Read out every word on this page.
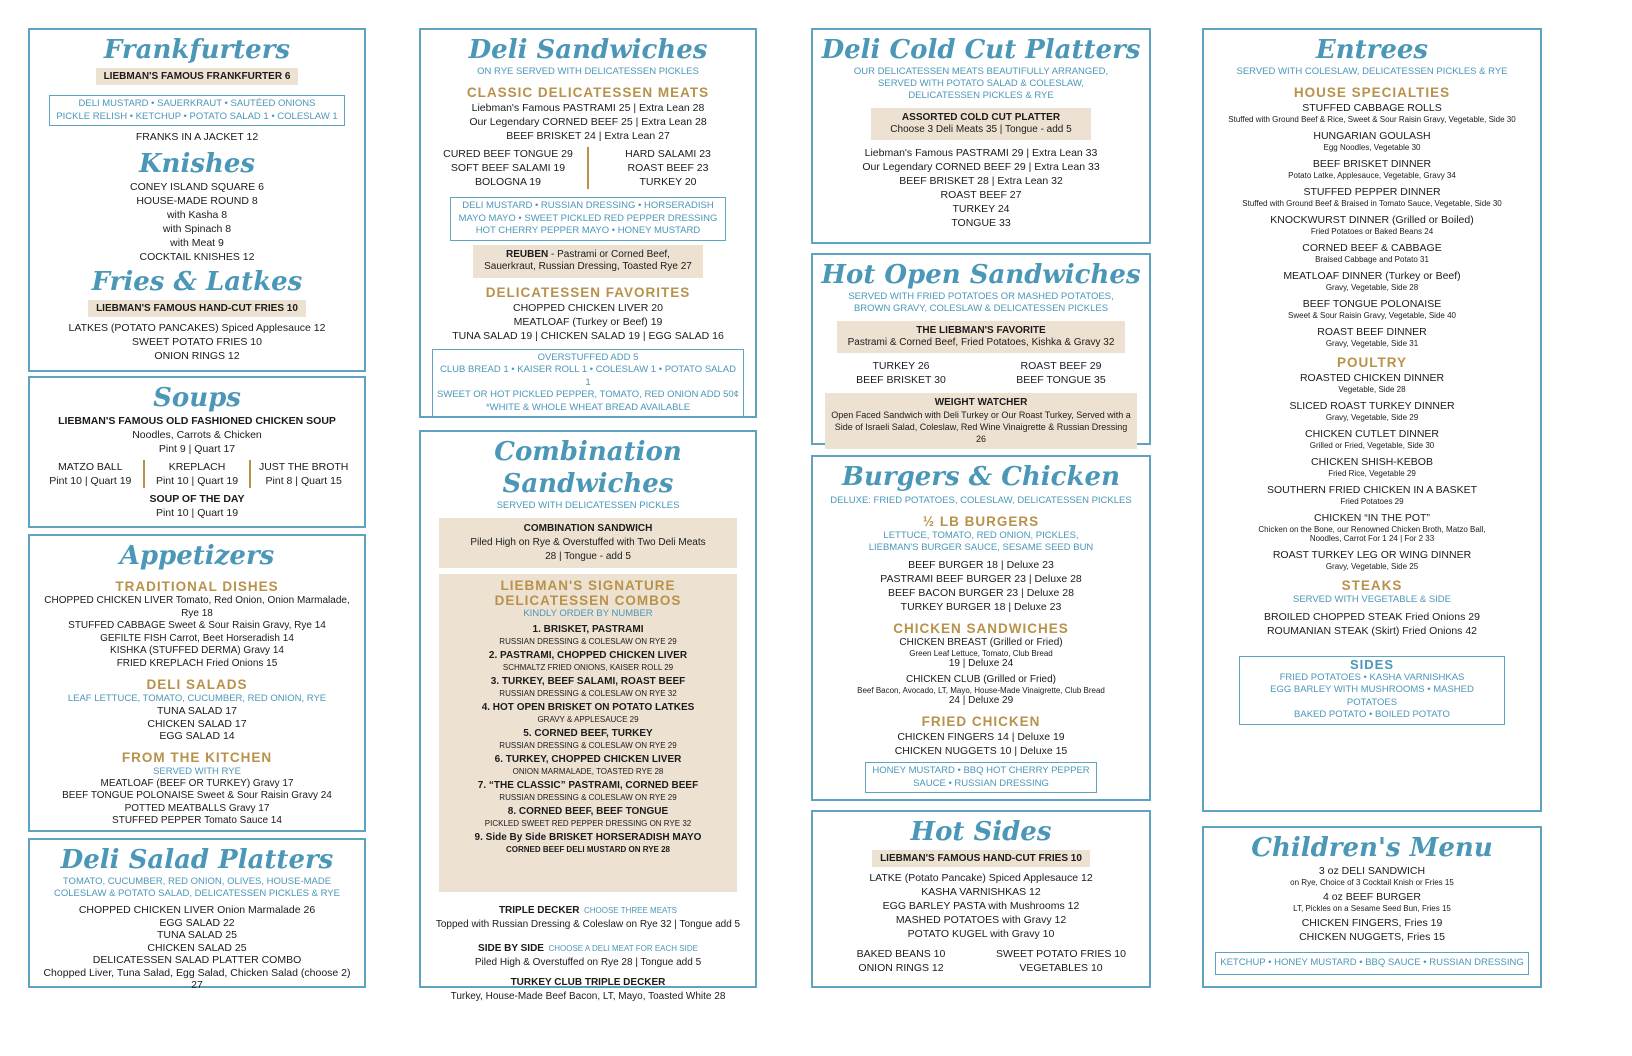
Frankfurters
LIEBMAN'S FAMOUS FRANKFURTER 6
DELI MUSTARD • SAUERKRAUT • SAUTÉED ONIONS
PICKLE RELISH • KETCHUP • POTATO SALAD 1 • COLESLAW 1
FRANKS IN A JACKET 12
Knishes
CONEY ISLAND SQUARE 6
HOUSE-MADE ROUND 8
with Kasha 8
with Spinach 8
with Meat 9
COCKTAIL KNISHES 12
Fries & Latkes
LIEBMAN'S FAMOUS HAND-CUT FRIES 10
LATKES (POTATO PANCAKES) Spiced Applesauce 12
SWEET POTATO FRIES 10
ONION RINGS 12
Soups
LIEBMAN'S FAMOUS OLD FASHIONED CHICKEN SOUP
Noodles, Carrots & Chicken
Pint 9 | Quart 17
MATZO BALL
Pint 10 | Quart 19
KREPLACH
Pint 10 | Quart 19
JUST THE BROTH
Pint 8 | Quart 15
SOUP OF THE DAY
Pint 10 | Quart 19
Appetizers
TRADITIONAL DISHES
CHOPPED CHICKEN LIVER Tomato, Red Onion, Onion Marmalade, Rye 18
STUFFED CABBAGE Sweet & Sour Raisin Gravy, Rye 14
GEFILTE FISH Carrot, Beet Horseradish 14
KISHKA (STUFFED DERMA) Gravy 14
FRIED KREPLACH Fried Onions 15
DELI SALADS
LEAF LETTUCE, TOMATO, CUCUMBER, RED ONION, RYE
TUNA SALAD 17
CHICKEN SALAD 17
EGG SALAD 14
FROM THE KITCHEN
SERVED WITH RYE
MEATLOAF (BEEF OR TURKEY) Gravy 17
BEEF TONGUE POLONAISE Sweet & Sour Raisin Gravy 24
POTTED MEATBALLS Gravy 17
STUFFED PEPPER Tomato Sauce 14
Deli Salad Platters
TOMATO, CUCUMBER, RED ONION, OLIVES, HOUSE-MADE COLESLAW & POTATO SALAD, DELICATESSEN PICKLES & RYE
CHOPPED CHICKEN LIVER Onion Marmalade 26
EGG SALAD 22
TUNA SALAD 25
CHICKEN SALAD 25
DELICATESSEN SALAD PLATTER COMBO
Chopped Liver, Tuna Salad, Egg Salad, Chicken Salad (choose 2) 27
Deli Sandwiches
ON RYE SERVED WITH DELICATESSEN PICKLES
CLASSIC DELICATESSEN MEATS
Liebman's Famous PASTRAMI 25 | Extra Lean 28
Our Legendary CORNED BEEF 25 | Extra Lean 28
BEEF BRISKET 24 | Extra Lean 27
CURED BEEF TONGUE 29
SOFT BEEF SALAMI 19
BOLOGNA 19
HARD SALAMI 23
ROAST BEEF 23
TURKEY 20
DELI MUSTARD • RUSSIAN DRESSING • HORSERADISH MAYO MAYO • SWEET PICKLED RED PEPPER DRESSING HOT CHERRY PEPPER MAYO • HONEY MUSTARD
REUBEN - Pastrami or Corned Beef, Sauerkraut, Russian Dressing, Toasted Rye 27
DELICATESSEN FAVORITES
CHOPPED CHICKEN LIVER 20
MEATLOAF (Turkey or Beef) 19
TUNA SALAD 19 | CHICKEN SALAD 19 | EGG SALAD 16
OVERSTUFFED ADD 5
CLUB BREAD 1 • KAISER ROLL 1 • COLESLAW 1 • POTATO SALAD 1
SWEET OR HOT PICKLED PEPPER, TOMATO, RED ONION ADD 50¢
*WHITE & WHOLE WHEAT BREAD AVAILABLE
Combination Sandwiches
SERVED WITH DELICATESSEN PICKLES
COMBINATION SANDWICH
Piled High on Rye & Overstuffed with Two Deli Meats
28 | Tongue - add 5
LIEBMAN'S SIGNATURE DELICATESSEN COMBOS
KINDLY ORDER BY NUMBER
1. BRISKET, PASTRAMI
RUSSIAN DRESSING & COLESLAW ON RYE 29
2. PASTRAMI, CHOPPED CHICKEN LIVER
SCHMALTZ FRIED ONIONS, KAISER ROLL 29
3. TURKEY, BEEF SALAMI, ROAST BEEF
RUSSIAN DRESSING & COLESLAW ON RYE 32
4. HOT OPEN BRISKET ON POTATO LATKES
GRAVY & APPLESAUCE 29
5. CORNED BEEF, TURKEY
RUSSIAN DRESSING & COLESLAW ON RYE 29
6. TURKEY, CHOPPED CHICKEN LIVER
ONION MARMALADE, TOASTED RYE 28
7. “THE CLASSIC” PASTRAMI, CORNED BEEF
RUSSIAN DRESSING & COLESLAW ON RYE 29
8. CORNED BEEF, BEEF TONGUE
PICKLED SWEET RED PEPPER DRESSING ON RYE 32
9. Side By Side BRISKET HORSERADISH MAYO
CORNED BEEF DELI MUSTARD ON RYE 28
TRIPLE DECKER CHOOSE THREE MEATS
Topped with Russian Dressing & Coleslaw on Rye 32 | Tongue add 5
SIDE BY SIDE CHOOSE A DELI MEAT FOR EACH SIDE
Piled High & Overstuffed on Rye 28 | Tongue add 5
TURKEY CLUB TRIPLE DECKER
Turkey, House-Made Beef Bacon, LT, Mayo, Toasted White 28
Deli Cold Cut Platters
OUR DELICATESSEN MEATS BEAUTIFULLY ARRANGED, SERVED WITH POTATO SALAD & COLESLAW, DELICATESSEN PICKLES & RYE
ASSORTED COLD CUT PLATTER
Choose 3 Deli Meats 35 | Tongue - add 5
Liebman's Famous PASTRAMI 29 | Extra Lean 33
Our Legendary CORNED BEEF 29 | Extra Lean 33
BEEF BRISKET 28 | Extra Lean 32
ROAST BEEF 27
TURKEY 24
TONGUE 33
Hot Open Sandwiches
SERVED WITH FRIED POTATOES OR MASHED POTATOES, BROWN GRAVY, COLESLAW & DELICATESSEN PICKLES
THE LIEBMAN'S FAVORITE
Pastrami & Corned Beef, Fried Potatoes, Kishka & Gravy 32
TURKEY 26
BEEF BRISKET 30
ROAST BEEF 29
BEEF TONGUE 35
WEIGHT WATCHER
Open Faced Sandwich with Deli Turkey or Our Roast Turkey, Served with a Side of Israeli Salad, Coleslaw, Red Wine Vinaigrette & Russian Dressing 26
Burgers & Chicken
DELUXE: FRIED POTATOES, COLESLAW, DELICATESSEN PICKLES
½ LB BURGERS
LETTUCE, TOMATO, RED ONION, PICKLES, LIEBMAN'S BURGER SAUCE, SESAME SEED BUN
BEEF BURGER 18 | Deluxe 23
PASTRAMI BEEF BURGER 23 | Deluxe 28
BEEF BACON BURGER 23 | Deluxe 28
TURKEY BURGER 18 | Deluxe 23
CHICKEN SANDWICHES
CHICKEN BREAST (Grilled or Fried)
Green Leaf Lettuce, Tomato, Club Bread
19 | Deluxe 24
CHICKEN CLUB (Grilled or Fried)
Beef Bacon, Avocado, LT, Mayo, House-Made Vinaigrette, Club Bread
24 | Deluxe 29
FRIED CHICKEN
CHICKEN FINGERS 14 | Deluxe 19
CHICKEN NUGGETS 10 | Deluxe 15
HONEY MUSTARD • BBQ HOT CHERRY PEPPER SAUCE • RUSSIAN DRESSING
Hot Sides
LIEBMAN'S FAMOUS HAND-CUT FRIES 10
LATKE (Potato Pancake) Spiced Applesauce 12
KASHA VARNISHKAS 12
EGG BARLEY PASTA with Mushrooms 12
MASHED POTATOES with Gravy 12
POTATO KUGEL with Gravy 10
BAKED BEANS 10
ONION RINGS 12
SWEET POTATO FRIES 10
VEGETABLES 10
Entrees
SERVED WITH COLESLAW, DELICATESSEN PICKLES & RYE
HOUSE SPECIALTIES
STUFFED CABBAGE ROLLS
Stuffed with Ground Beef & Rice, Sweet & Sour Raisin Gravy, Vegetable, Side 30
HUNGARIAN GOULASH
Egg Noodles, Vegetable 30
BEEF BRISKET DINNER
Potato Latke, Applesauce, Vegetable, Gravy 34
STUFFED PEPPER DINNER
Stuffed with Ground Beef & Braised in Tomato Sauce, Vegetable, Side 30
KNOCKWURST DINNER (Grilled or Boiled)
Fried Potatoes or Baked Beans 24
CORNED BEEF & CABBAGE
Braised Cabbage and Potato 31
MEATLOAF DINNER (Turkey or Beef)
Gravy, Vegetable, Side 28
BEEF TONGUE POLONAISE
Sweet & Sour Raisin Gravy, Vegetable, Side 40
ROAST BEEF DINNER
Gravy, Vegetable, Side 31
POULTRY
ROASTED CHICKEN DINNER
Vegetable, Side 28
SLICED ROAST TURKEY DINNER
Gravy, Vegetable, Side 29
CHICKEN CUTLET DINNER
Grilled or Fried, Vegetable, Side 30
CHICKEN SHISH-KEBOB
Fried Rice, Vegetable 29
SOUTHERN FRIED CHICKEN IN A BASKET
Fried Potatoes 29
CHICKEN “IN THE POT”
Chicken on the Bone, our Renowned Chicken Broth, Matzo Ball, Noodles, Carrot For 1 24 | For 2 33
ROAST TURKEY LEG OR WING DINNER
Gravy, Vegetable, Side 25
STEAKS
SERVED WITH VEGETABLE & SIDE
BROILED CHOPPED STEAK Fried Onions 29
ROUMANIAN STEAK (Skirt) Fried Onions 42
SIDES
FRIED POTATOES • KASHA VARNISHKAS
EGG BARLEY WITH MUSHROOMS • MASHED POTATOES
BAKED POTATO • BOILED POTATO
Children's Menu
3 oz DELI SANDWICH
on Rye, Choice of 3 Cocktail Knish or Fries 15
4 oz BEEF BURGER
LT, Pickles on a Sesame Seed Bun, Fries 15
CHICKEN FINGERS, Fries 19
CHICKEN NUGGETS, Fries 15
KETCHUP • HONEY MUSTARD • BBQ SAUCE • RUSSIAN DRESSING
